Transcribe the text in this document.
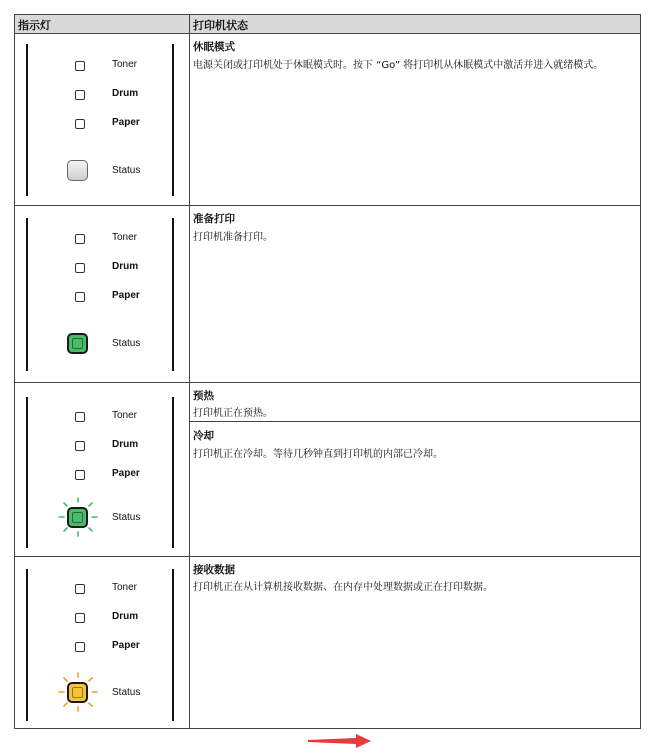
指示灯	打印机状态
Toner
Drum
Paper
Status
休眠模式
电源关闭或打印机处于休眠模式时。按下 “Go” 将打印机从休眠模式中激活并进入就绪模式。
Toner
Drum
Paper
Status
准备打印
打印机准备打印。
Toner
Drum
Paper
Status
预热
打印机正在预热。
冷却
打印机正在冷却。等待几秒钟直到打印机的内部已冷却。
Toner
Drum
Paper
Status
接收数据
打印机正在从计算机接收数据、在内存中处理数据或正在打印数据。
